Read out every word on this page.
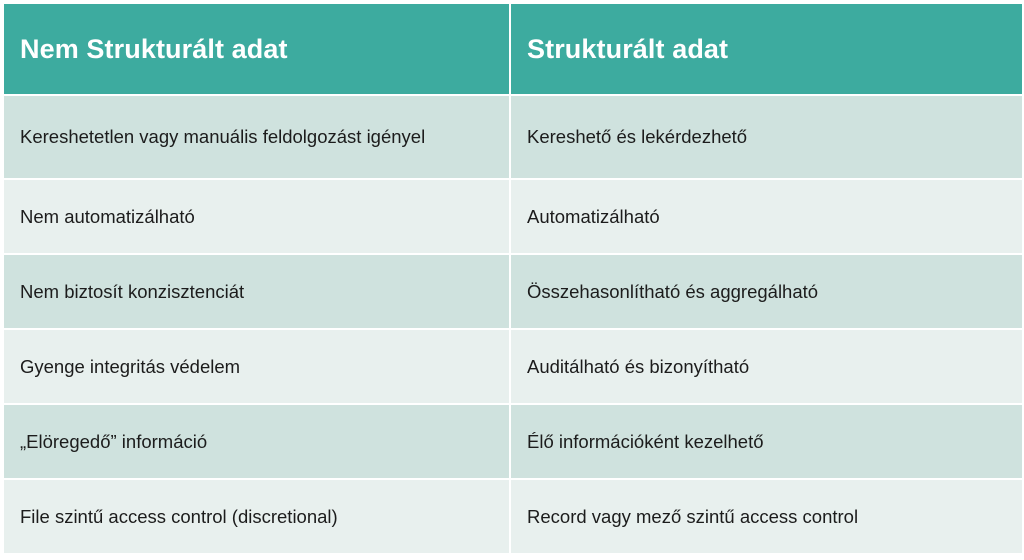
Nem Strukturált adat	Strukturált adat
Kereshetetlen vagy manuális feldolgozást igényel	Kereshető és lekérdezhető
Nem automatizálható	Automatizálható
Nem biztosít konzisztenciát	Összehasonlítható és aggregálható
Gyenge integritás védelem	Auditálható és bizonyítható
„Elöregedő” információ	Élő információként kezelhető
File szintű access control (discretional)	Record vagy mező szintű access control
